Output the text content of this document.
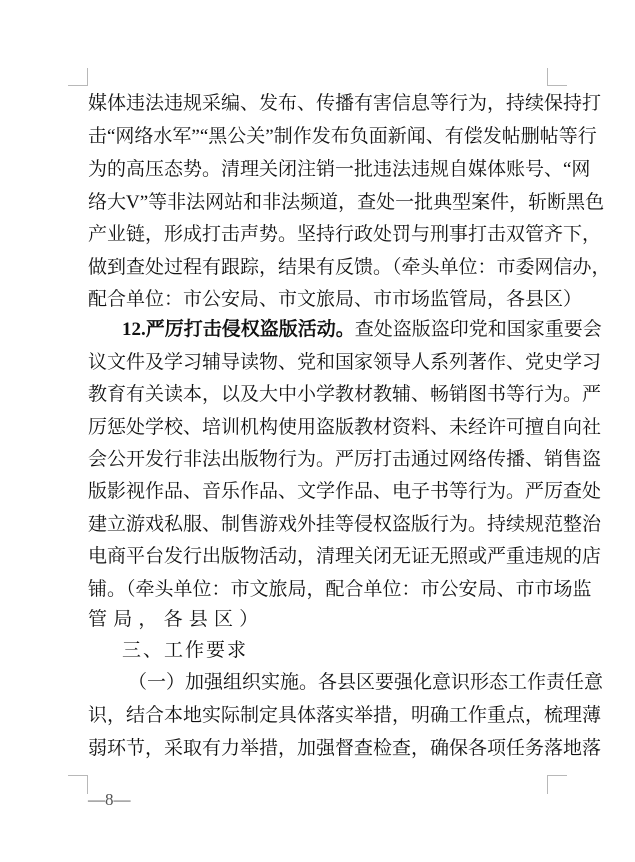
媒体违法违规采编、发布、传播有害信息等行为，持续保持打
击“网络水军”“黑公关”制作发布负面新闻、有偿发帖删帖等行
为的高压态势。清理关闭注销一批违法违规自媒体账号、“网
络大V”等非法网站和非法频道，查处一批典型案件，斩断黑色
产业链，形成打击声势。坚持行政处罚与刑事打击双管齐下，
做到查处过程有跟踪，结果有反馈。（牵头单位：市委网信办，
配合单位：市公安局、市文旅局、市市场监管局，各县区）
12.严厉打击侵权盗版活动。查处盗版盗印党和国家重要会
议文件及学习辅导读物、党和国家领导人系列著作、党史学习
教育有关读本，以及大中小学教材教辅、畅销图书等行为。严
厉惩处学校、培训机构使用盗版教材资料、未经许可擅自向社
会公开发行非法出版物行为。严厉打击通过网络传播、销售盗
版影视作品、音乐作品、文学作品、电子书等行为。严厉查处
建立游戏私服、制售游戏外挂等侵权盗版行为。持续规范整治
电商平台发行出版物活动，清理关闭无证无照或严重违规的店
铺。（牵头单位：市文旅局，配合单位：市公安局、市市场监
管局，各县区）
三、工作要求
（一）加强组织实施。各县区要强化意识形态工作责任意
识，结合本地实际制定具体落实举措，明确工作重点，梳理薄
弱环节，采取有力举措，加强督查检查，确保各项任务落地落
—8—
